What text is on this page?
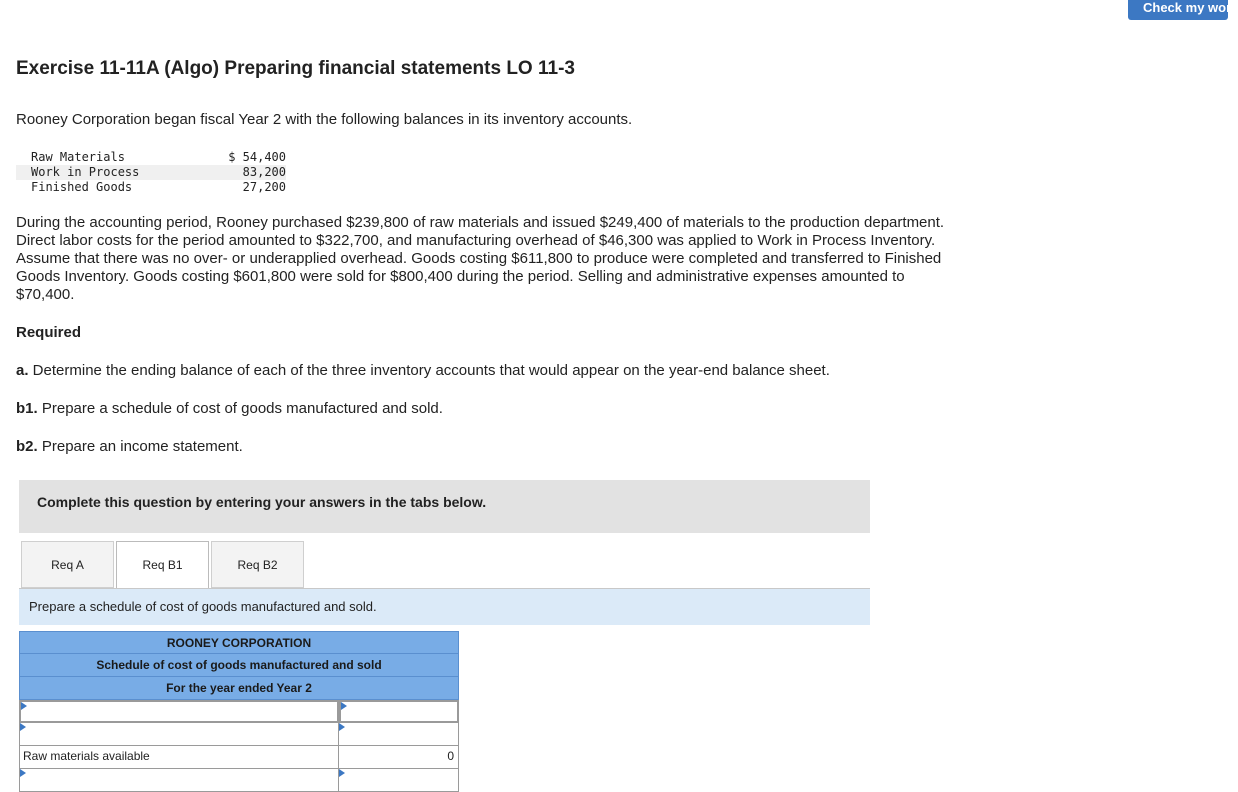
Check my work
Exercise 11-11A (Algo) Preparing financial statements LO 11-3
Rooney Corporation began fiscal Year 2 with the following balances in its inventory accounts.
Raw Materials	$ 54,400
Work in Process	83,200
Finished Goods	27,200
During the accounting period, Rooney purchased $239,800 of raw materials and issued $249,400 of materials to the production department. Direct labor costs for the period amounted to $322,700, and manufacturing overhead of $46,300 was applied to Work in Process Inventory. Assume that there was no over- or underapplied overhead. Goods costing $611,800 to produce were completed and transferred to Finished Goods Inventory. Goods costing $601,800 were sold for $800,400 during the period. Selling and administrative expenses amounted to $70,400.
Required
a. Determine the ending balance of each of the three inventory accounts that would appear on the year-end balance sheet.
b1. Prepare a schedule of cost of goods manufactured and sold.
b2. Prepare an income statement.
Complete this question by entering your answers in the tabs below.
Req A	Req B1	Req B2
Prepare a schedule of cost of goods manufactured and sold.
ROONEY CORPORATION
Schedule of cost of goods manufactured and sold
For the year ended Year 2
Raw materials available	0
